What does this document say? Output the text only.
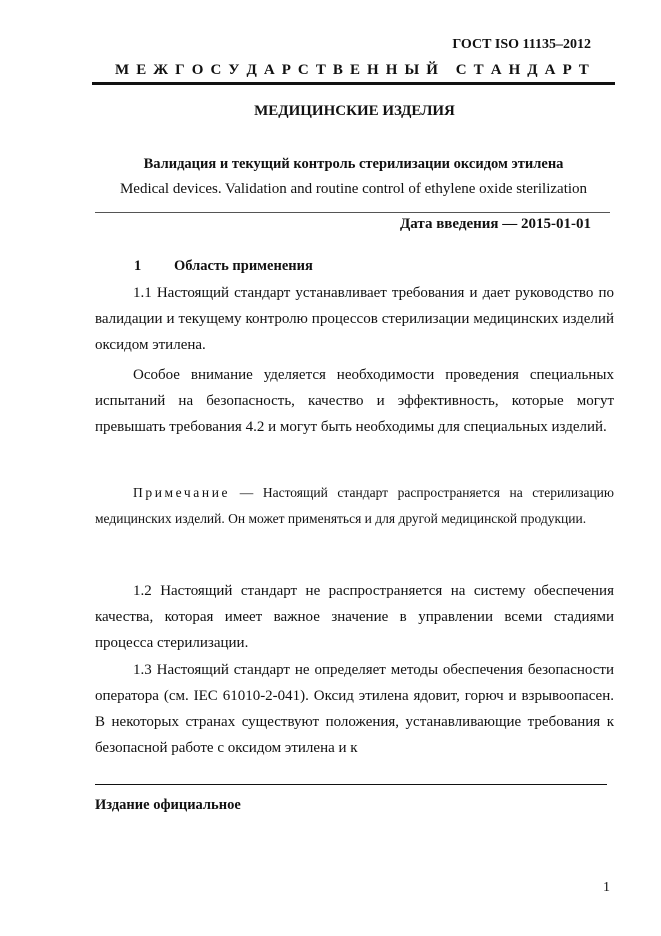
ГОСТ ISO 11135–2012
М Е Ж Г О С У Д А Р С Т В Е Н Н Ы Й
С Т А Н Д А Р Т
МЕДИЦИНСКИЕ ИЗДЕЛИЯ
Валидация и текущий контроль стерилизации оксидом этилена
Medical devices. Validation and routine control of ethylene oxide sterilization
Дата введения — 2015-01-01
1 Область применения

1.1 Настоящий стандарт устанавливает требования и дает руководство по валидации и текущему контролю процессов стерилизации медицинских изделий оксидом этилена.

Особое внимание уделяется необходимости проведения специальных испытаний на безопасность, качество и эффективность, которые могут превышать требования 4.2 и могут быть необходимы для специальных изделий.

Примечание — Настоящий стандарт распространяется на стерилизацию медицинских изделий. Он может применяться и для другой медицинской продукции.

1.2 Настоящий стандарт не распространяется на систему обеспечения качества, которая имеет важное значение в управлении всеми стадиями процесса стерилизации.

1.3 Настоящий стандарт не определяет методы обеспечения безопасности оператора (см. IEC 61010-2-041). Оксид этилена ядовит, горюч и взрывоопасен. В некоторых странах существуют положения, устанавливающие требования к безопасной работе с оксидом этилена и к

Издание официальное
1
